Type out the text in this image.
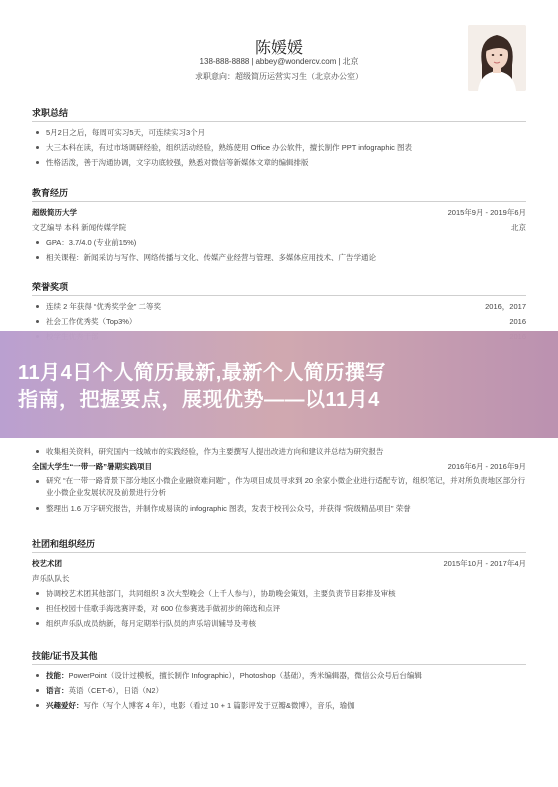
陈媛媛
138-888-8888 | abbey@wondercv.com | 北京
求职意向：超级简历运营实习生（北京办公室）
求职总结
5月2日之后，每周可实习5天，可连续实习3个月
大三本科在读，有过市场调研经验，组织活动经验，熟练使用 Office 办公软件，擅长制作 PPT infographic 图表
性格活泼，善于沟通协调，文字功底较强，熟悉对微信等新媒体文章的编辑排版
教育经历
超级简历大学	2015年9月 - 2019年6月
文艺编导 本科 新闻传媒学院	北京
GPA：3.7/4.0 (专业前15%)
相关课程：新闻采访与写作、网络传播与文化、传媒产业经营与管理、多媒体应用技术、广告学通论
荣誉奖项
连续 2 年获得 “优秀奖学金” 二等奖	2016，2017
社会工作优秀奖（Top3%）	2016
收集相关资料，研究国内一线城市的实践经验，作为主要撰写人提出改进方向和建议并总结为研究报告
全国大学生“一带一路”暑期实践项目	2016年6月 - 2016年9月
研究 “在一带一路背景下部分地区小微企业融资难问题” ，作为项目成员寻求到 20 余家小微企业进行适配专访，组织笔记，并对所负责地区部分行业小微企业发展状况及前景进行分析
整理出 1.6 万字研究报告，并制作成易读的 infographic 图表，发表于校刊公众号，并获得 “院级精品项目” 荣誉
社团和组织经历
校艺术团	2015年10月 - 2017年4月
声乐队队长
协调校艺术团其他部门，共同组织 3 次大型晚会（上千人参与），协助晚会策划，主要负责节目彩排及审核
担任校园十佳歌手海选赛评委，对 600 位参赛选手做初步的筛选和点评
组织声乐队成员纳新，每月定期举行队员的声乐培训辅导及考核
技能/证书及其他
技能：PowerPoint（设计过模板，擅长制作 Infographic），Photoshop（基础），秀米编辑器，微信公众号后台编辑
语言：英语（CET-6），日语（N2）
兴趣爱好：写作（写个人博客 4 年），电影（看过 10 + 1 篇影评发于豆瓣&微博），音乐，瑜伽
11月4日个人简历最新,最新个人简历撰写
指南，把握要点，展现优势——以11月4
